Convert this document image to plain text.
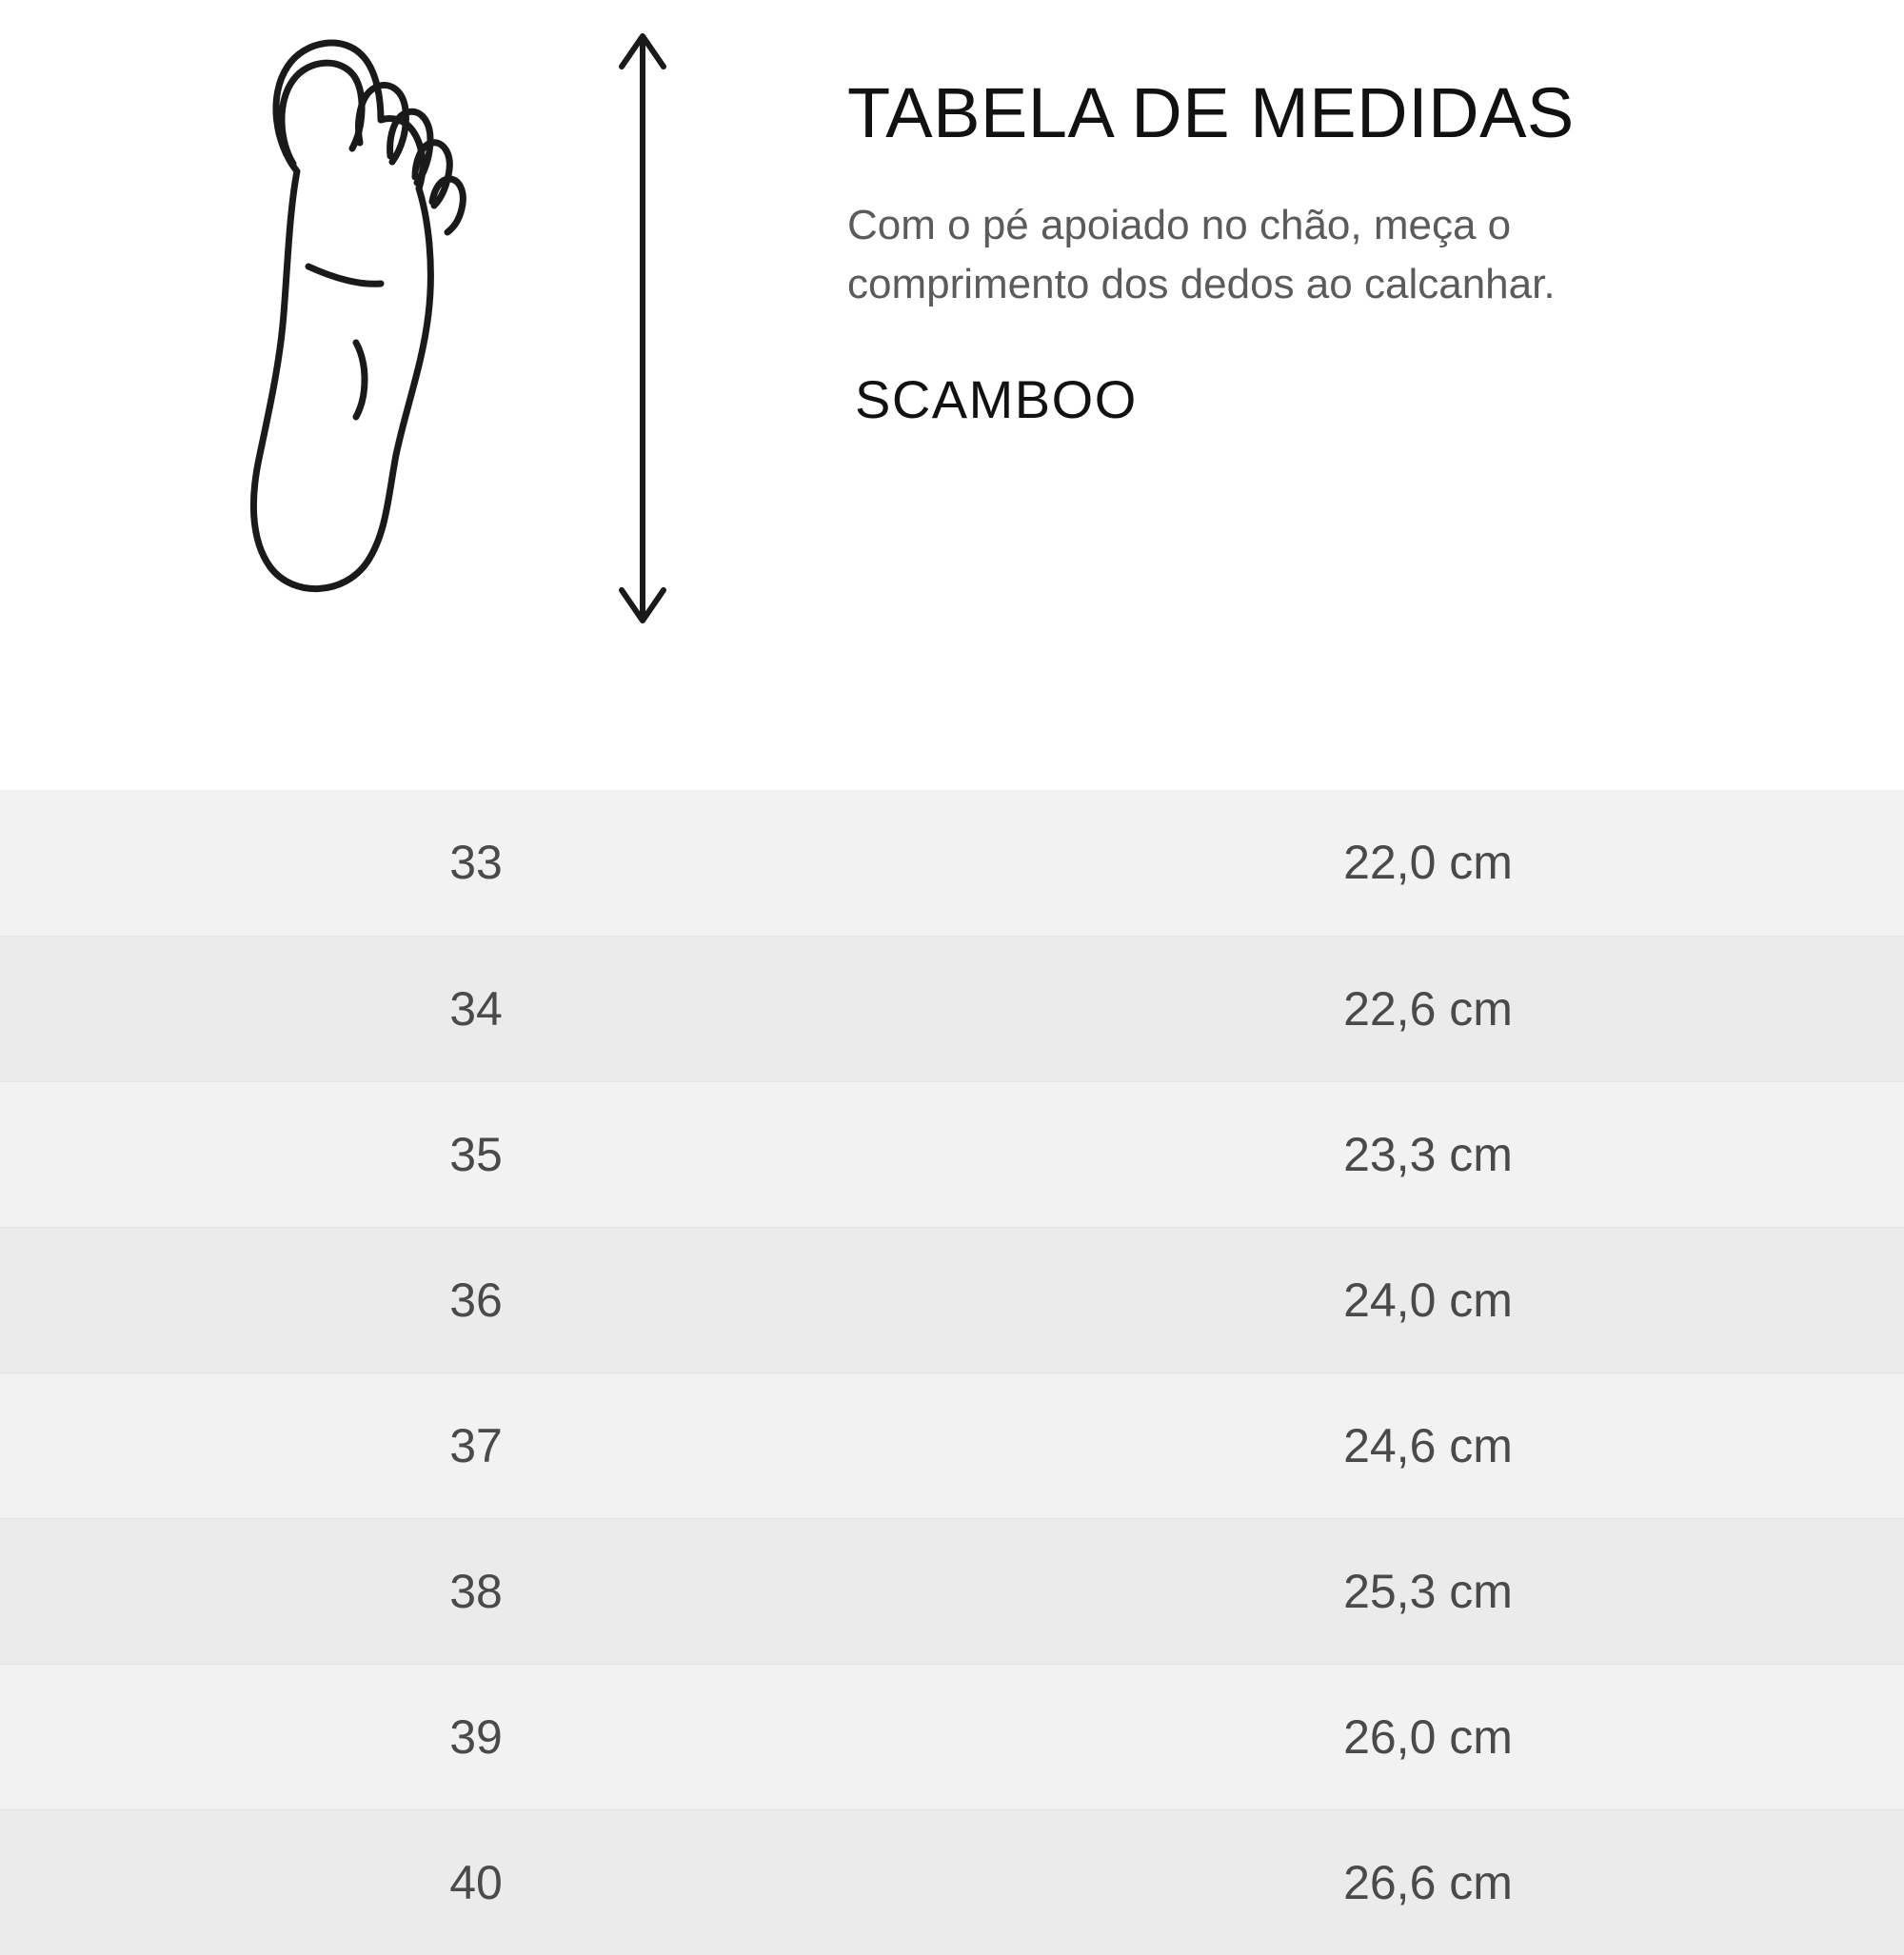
TABELA DE MEDIDAS

Com o pé apoiado no chão, meça o comprimento dos dedos ao calcanhar.

SCAMBOO

33	22,0 cm
34	22,6 cm
35	23,3 cm
36	24,0 cm
37	24,6 cm
38	25,3 cm
39	26,0 cm
40	26,6 cm
